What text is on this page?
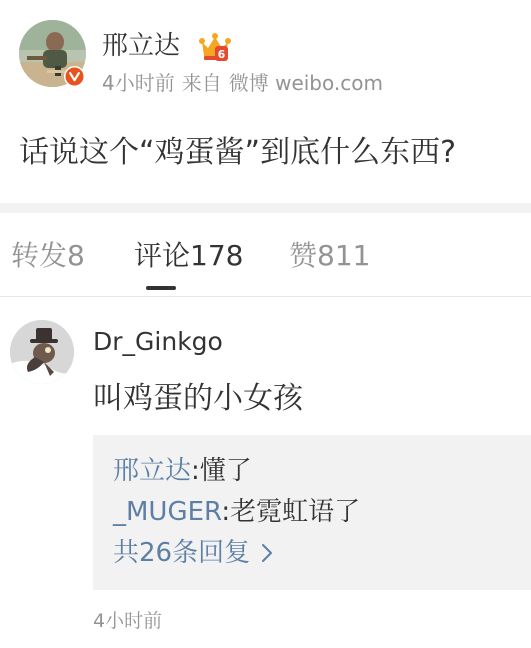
邢立达	6
4小时前 来自 微博 weibo.com
话说这个“鸡蛋酱”到底什么东西?
转发8 评论178 赞811
Dr_Ginkgo
叫鸡蛋的小女孩
邢立达:懂了
_MUGER:老霓虹语了
共26条回复
4小时前
